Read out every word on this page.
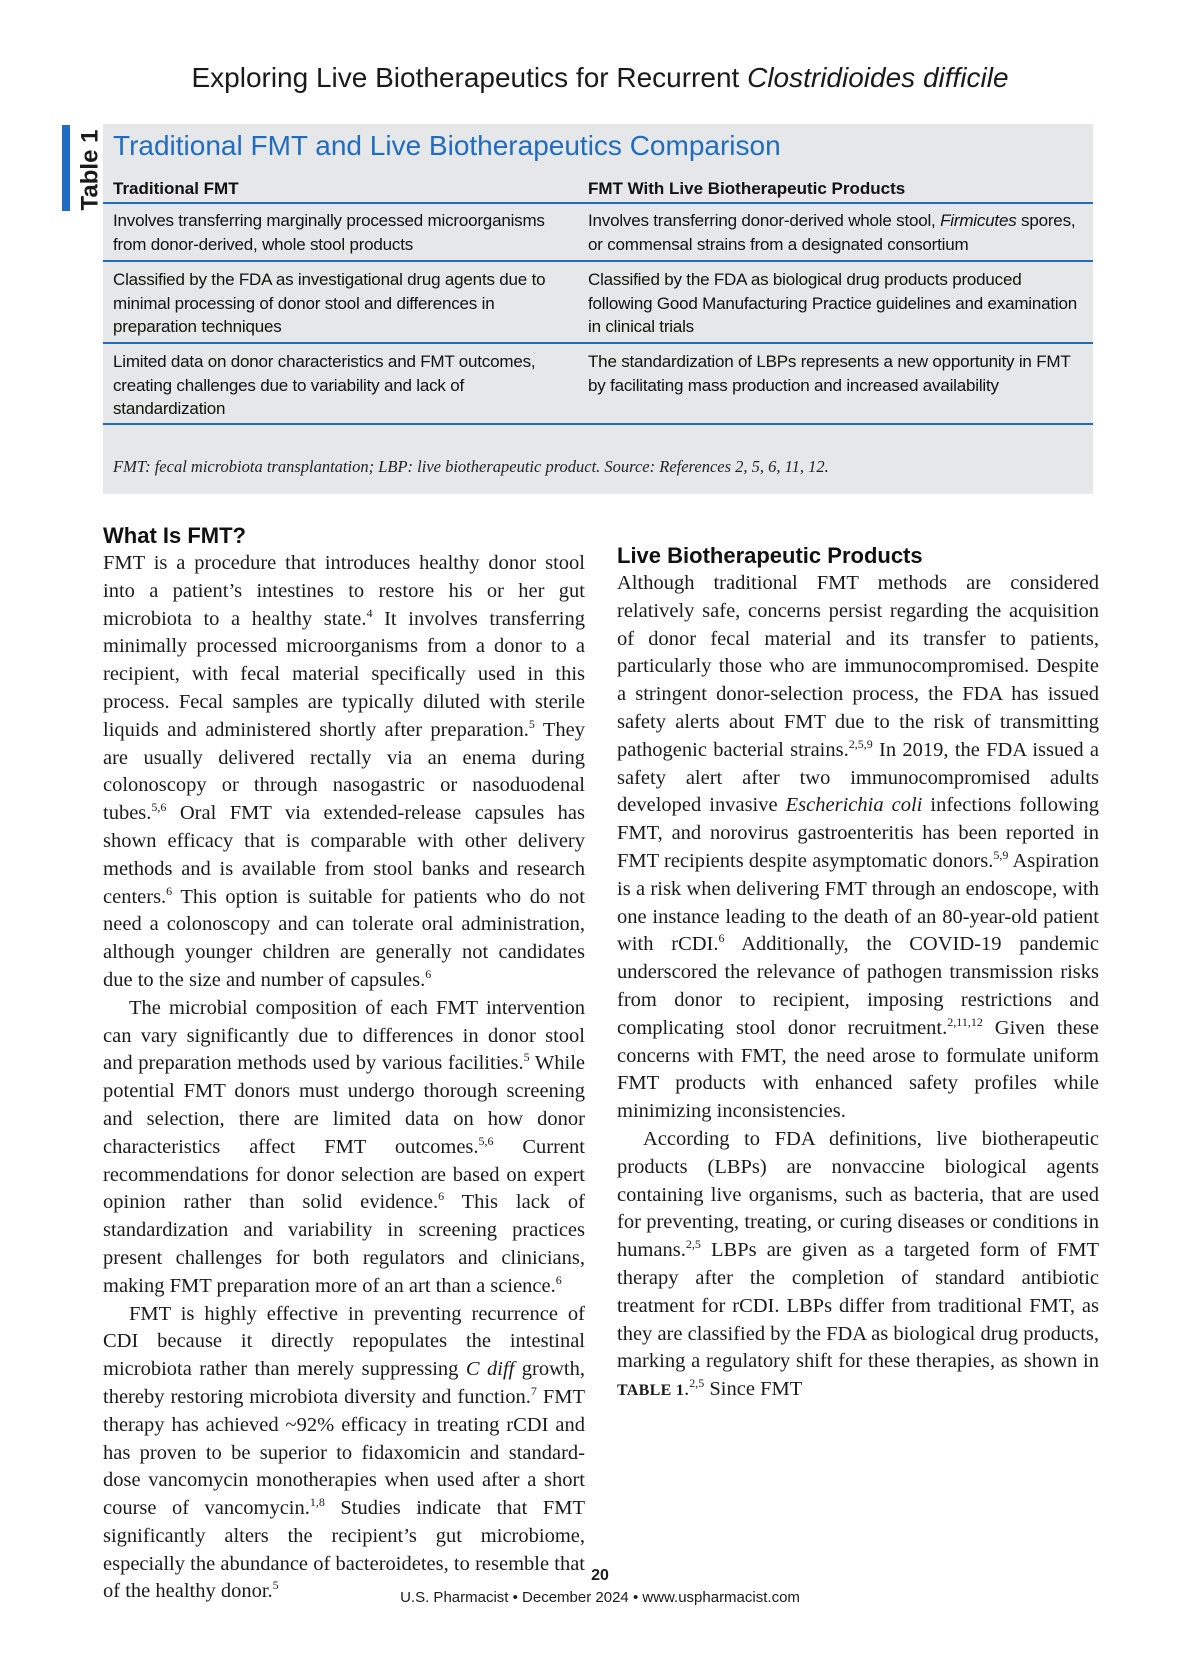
Exploring Live Biotherapeutics for Recurrent Clostridioides difficile
Table 1 Traditional FMT and Live Biotherapeutics Comparison
Traditional FMT	FMT With Live Biotherapeutic Products
Involves transferring marginally processed microorganisms from donor-derived, whole stool products
Involves transferring donor-derived whole stool, Firmicutes spores, or commensal strains from a designated consortium
Classified by the FDA as investigational drug agents due to minimal processing of donor stool and differences in preparation techniques
Classified by the FDA as biological drug products produced following Good Manufacturing Practice guidelines and examination in clinical trials
Limited data on donor characteristics and FMT outcomes, creating challenges due to variability and lack of standardization
The standardization of LBPs represents a new opportunity in FMT by facilitating mass production and increased availability
FMT: fecal microbiota transplantation; LBP: live biotherapeutic product. Source: References 2, 5, 6, 11, 12.
What Is FMT?

FMT is a procedure that introduces healthy donor stool into a patient’s intestines to restore his or her gut microbiota to a healthy state.$^4$ It involves transferring minimally processed microorganisms from a donor to a recipient, with fecal material specifically used in this process. Fecal samples are typically diluted with sterile liquids and administered shortly after preparation.$^5$ They are usually delivered rectally via an enema during colonoscopy or through nasogastric or nasoduodenal tubes.$^{5,6}$ Oral FMT via extended-release capsules has shown efficacy that is comparable with other delivery methods and is available from stool banks and research centers.$^6$ This option is suitable for patients who do not need a colonoscopy and can tolerate oral administration, although younger children are generally not candidates due to the size and number of capsules.$^6$

The microbial composition of each FMT intervention can vary significantly due to differences in donor stool and preparation methods used by various facilities.$^5$ While potential FMT donors must undergo thorough screening and selection, there are limited data on how donor characteristics affect FMT outcomes.$^{5,6}$ Current recommendations for donor selection are based on expert opinion rather than solid evidence.$^6$ This lack of standardization and variability in screening practices present challenges for both regulators and clinicians, making FMT preparation more of an art than a science.$^6$

FMT is highly effective in preventing recurrence of CDI because it directly repopulates the intestinal microbiota rather than merely suppressing C diff growth, thereby restoring microbiota diversity and function.$^7$ FMT therapy has achieved ~92% efficacy in treating rCDI and has proven to be superior to fidaxomicin and standard-dose vancomycin monotherapies when used after a short course of vancomycin.$^{1,8}$ Studies indicate that FMT significantly alters the recipient’s gut microbiome, especially the abundance of bacteroidetes, to resemble that of the healthy donor.$^5$

Live Biotherapeutic Products

Although traditional FMT methods are considered relatively safe, concerns persist regarding the acquisition of donor fecal material and its transfer to patients, particularly those who are immunocompromised. Despite a stringent donor-selection process, the FDA has issued safety alerts about FMT due to the risk of transmitting pathogenic bacterial strains.$^{2,5,9}$ In 2019, the FDA issued a safety alert after two immunocompromised adults developed invasive Escherichia coli infections following FMT, and norovirus gastroenteritis has been reported in FMT recipients despite asymptomatic donors.$^{5,9}$ Aspiration is a risk when delivering FMT through an endoscope, with one instance leading to the death of an 80-year-old patient with rCDI.$^6$ Additionally, the COVID-19 pandemic underscored the relevance of pathogen transmission risks from donor to recipient, imposing restrictions and complicating stool donor recruitment.$^{2,11,12}$ Given these concerns with FMT, the need arose to formulate uniform FMT products with enhanced safety profiles while minimizing inconsistencies.

According to FDA definitions, live biotherapeutic products (LBPs) are nonvaccine biological agents containing live organisms, such as bacteria, that are used for preventing, treating, or curing diseases or conditions in humans.$^{2,5}$ LBPs are given as a targeted form of FMT therapy after the completion of standard antibiotic treatment for rCDI. LBPs differ from traditional FMT, as they are classified by the FDA as biological drug products, marking a regulatory shift for these therapies, as shown in TABLE 1.$^{2,5}$ Since FMT

20
U.S. Pharmacist • December 2024 • www.uspharmacist.com
